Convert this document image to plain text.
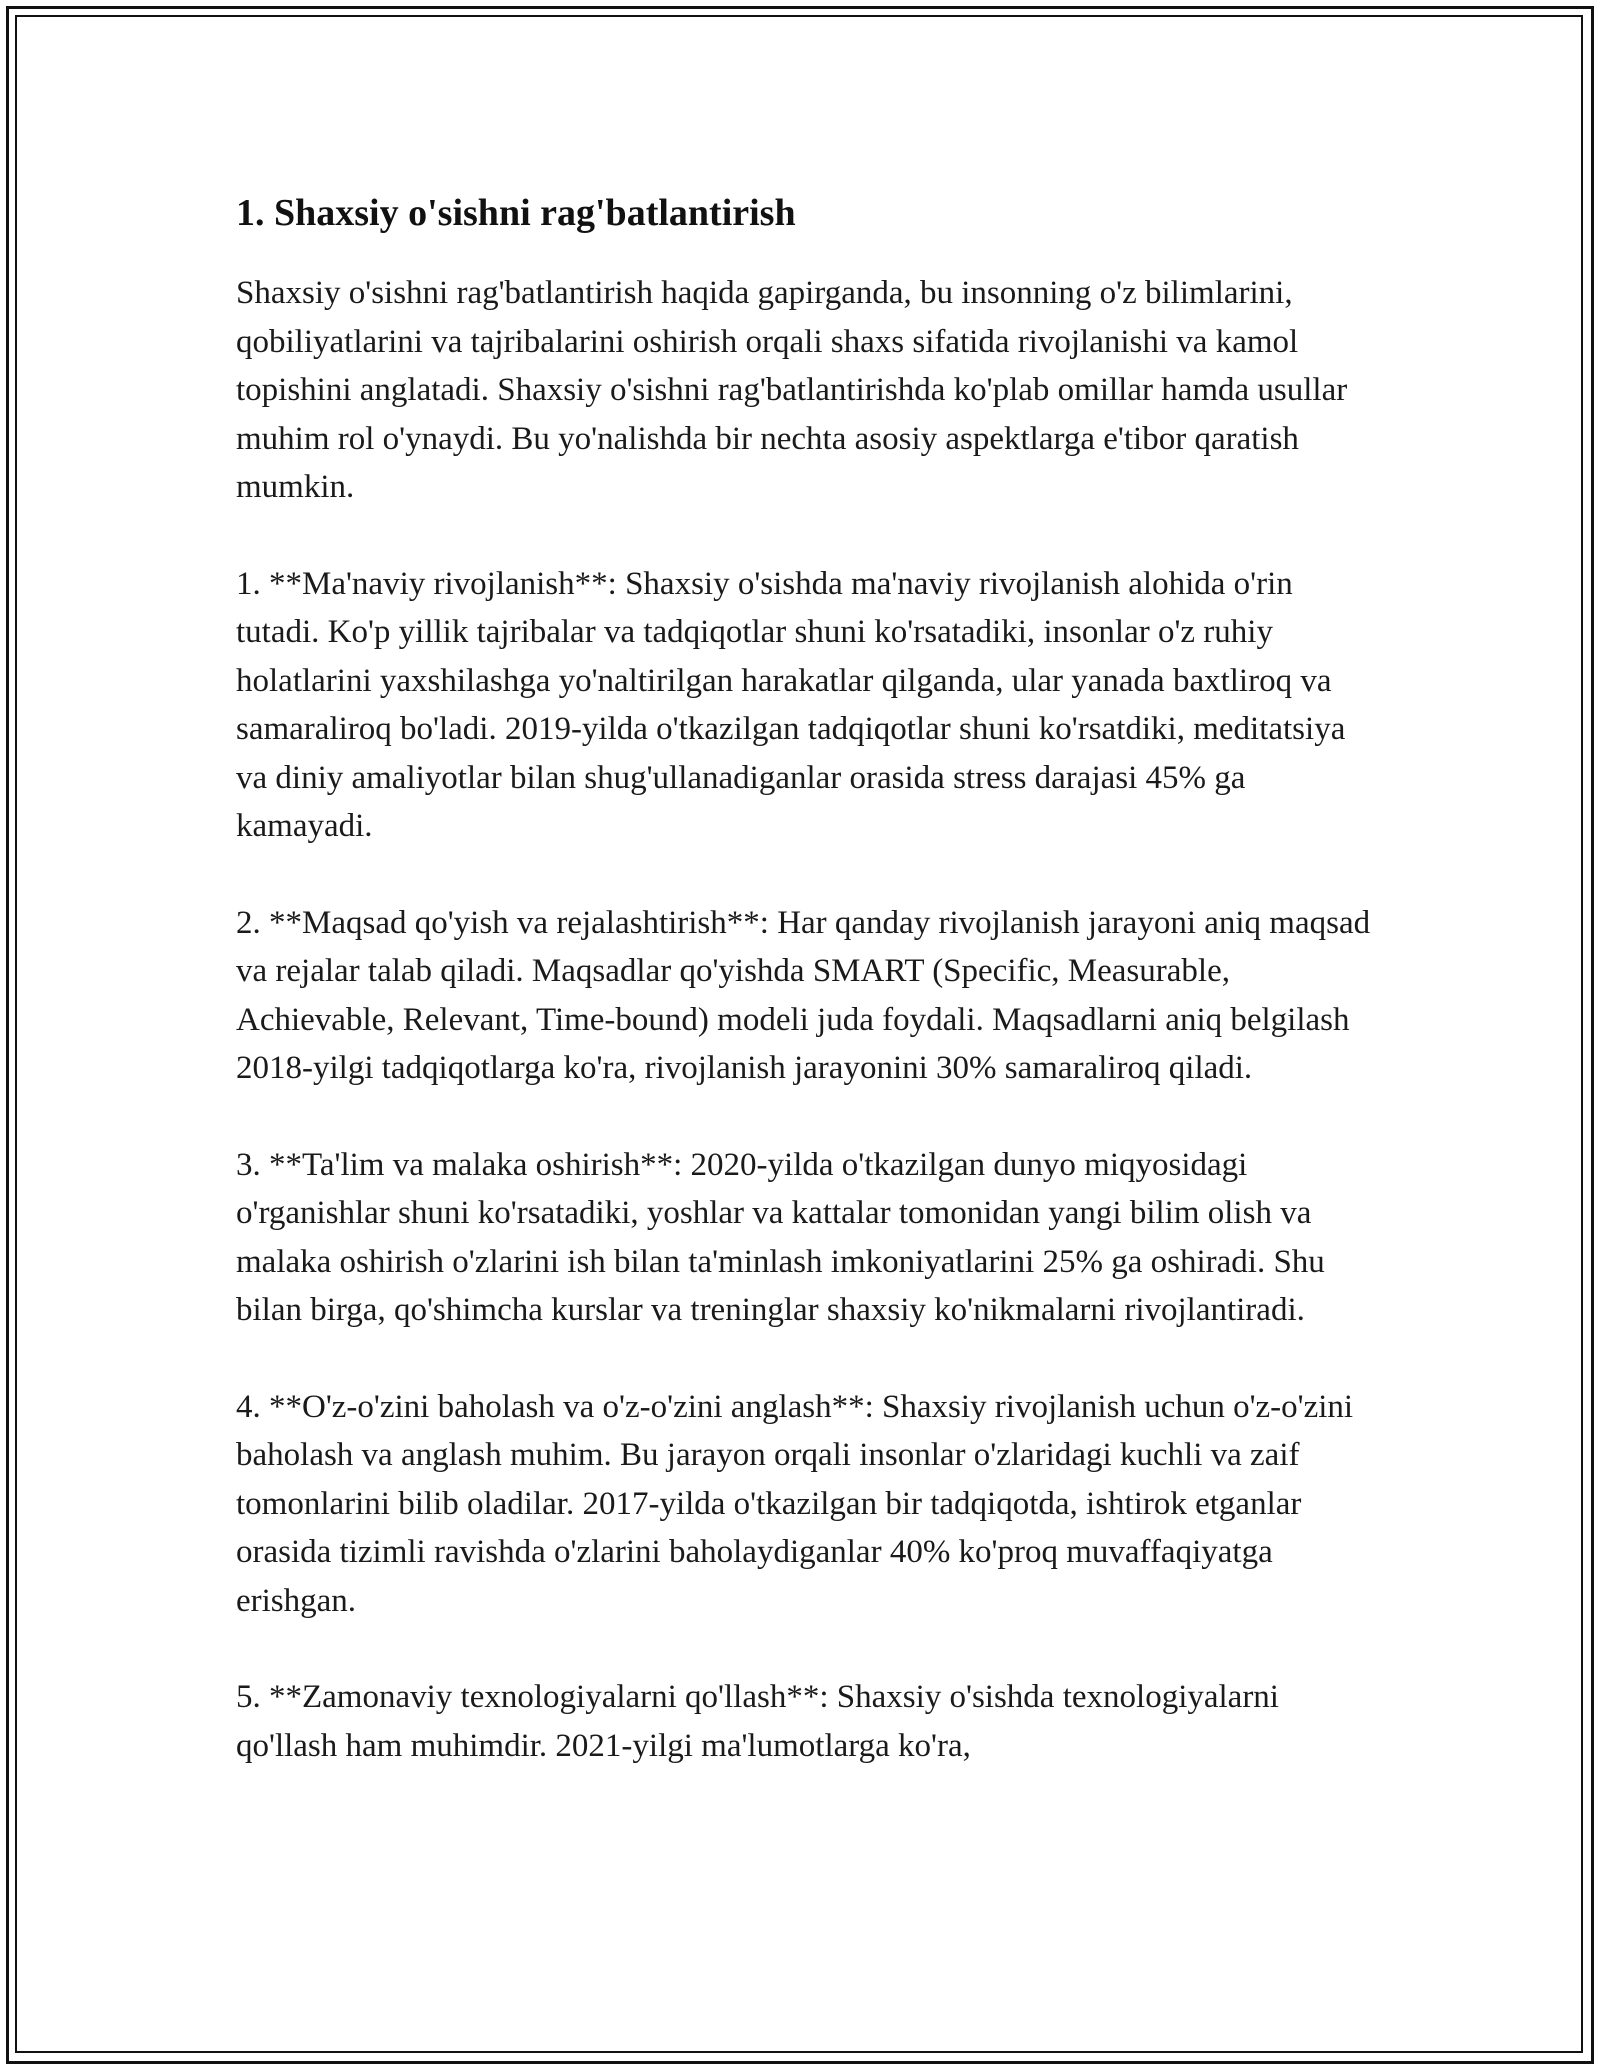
1. Shaxsiy o'sishni rag'batlantirish

Shaxsiy o'sishni rag'batlantirish haqida gapirganda, bu insonning o'z bilimlarini, qobiliyatlarini va tajribalarini oshirish orqali shaxs sifatida rivojlanishi va kamol topishini anglatadi. Shaxsiy o'sishni rag'batlantirishda ko'plab omillar hamda usullar muhim rol o'ynaydi. Bu yo'nalishda bir nechta asosiy aspektlarga e'tibor qaratish mumkin.

1. **Ma'naviy rivojlanish**: Shaxsiy o'sishda ma'naviy rivojlanish alohida o'rin tutadi. Ko'p yillik tajribalar va tadqiqotlar shuni ko'rsatadiki, insonlar o'z ruhiy holatlarini yaxshilashga yo'naltirilgan harakatlar qilganda, ular yanada baxtliroq va samaraliroq bo'ladi. 2019-yilda o'tkazilgan tadqiqotlar shuni ko'rsatdiki, meditatsiya va diniy amaliyotlar bilan shug'ullanadiganlar orasida stress darajasi 45% ga kamayadi.

2. **Maqsad qo'yish va rejalashtirish**: Har qanday rivojlanish jarayoni aniq maqsad va rejalar talab qiladi. Maqsadlar qo'yishda SMART (Specific, Measurable, Achievable, Relevant, Time-bound) modeli juda foydali. Maqsadlarni aniq belgilash 2018-yilgi tadqiqotlarga ko'ra, rivojlanish jarayonini 30% samaraliroq qiladi.

3. **Ta'lim va malaka oshirish**: 2020-yilda o'tkazilgan dunyo miqyosidagi o'rganishlar shuni ko'rsatadiki, yoshlar va kattalar tomonidan yangi bilim olish va malaka oshirish o'zlarini ish bilan ta'minlash imkoniyatlarini 25% ga oshiradi. Shu bilan birga, qo'shimcha kurslar va treninglar shaxsiy ko'nikmalarni rivojlantiradi.

4. **O'z-o'zini baholash va o'z-o'zini anglash**: Shaxsiy rivojlanish uchun o'z-o'zini baholash va anglash muhim. Bu jarayon orqali insonlar o'zlaridagi kuchli va zaif tomonlarini bilib oladilar. 2017-yilda o'tkazilgan bir tadqiqotda, ishtirok etganlar orasida tizimli ravishda o'zlarini baholaydiganlar 40% ko'proq muvaffaqiyatga erishgan.

5. **Zamonaviy texnologiyalarni qo'llash**: Shaxsiy o'sishda texnologiyalarni qo'llash ham muhimdir. 2021-yilgi ma'lumotlarga ko'ra,
